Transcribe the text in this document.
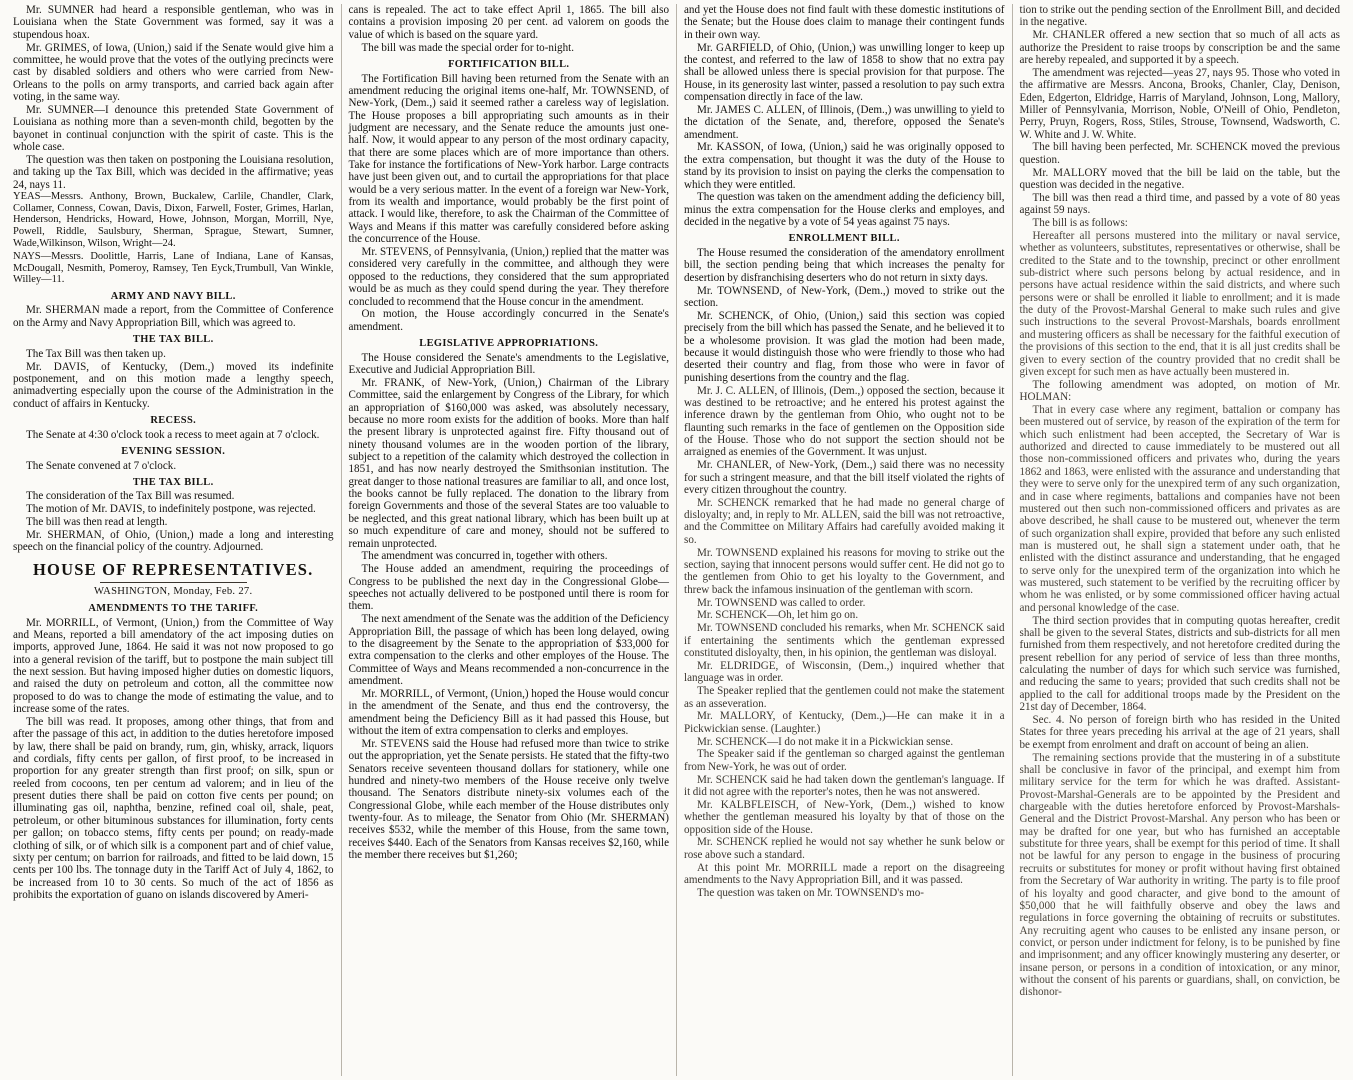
Mr. SUMNER had heard a responsible gentleman, who was in Louisiana when the State Government was formed, say it was a stupendous hoax.

Mr. GRIMES, of Iowa, (Union,) said if the Senate would give him a committee, he would prove that the votes of the outlying precincts were cast by disabled soldiers and others who were carried from New-Orleans to the polls on army transports, and carried back again after voting, in the same way.

Mr. SUMNER—I denounce this pretended State Government of Louisiana as nothing more than a seven-month child, begotten by the bayonet in continual conjunction with the spirit of caste. This is the whole case.

The question was then taken on postponing the Louisiana resolution, and taking up the Tax Bill, which was decided in the affirmative; yeas 24, nays 11.

YEAS—Messrs. Anthony, Brown, Buckalew, Carlile, Chandler, Clark, Collamer, Conness, Cowan, Davis, Dixon, Farwell, Foster, Grimes, Harlan, Henderson, Hendricks, Howard, Howe, Johnson, Morgan, Morrill, Nye, Powell, Riddle, Saulsbury, Sherman, Sprague, Stewart, Sumner, Wade,Wilkinson, Wilson, Wright—24.
NAYS—Messrs. Doolittle, Harris, Lane of Indiana, Lane of Kansas, McDougall, Nesmith, Pomeroy, Ramsey, Ten Eyck,Trumbull, Van Winkle, Willey—11.
ARMY AND NAVY BILL.

Mr. SHERMAN made a report, from the Committee of Conference on the Army and Navy Appropriation Bill, which was agreed to.

THE TAX BILL.

The Tax Bill was then taken up.

Mr. DAVIS, of Kentucky, (Dem.,) moved its indefinite postponement, and on this motion made a lengthy speech, animadverting especially upon the course of the Administration in the conduct of affairs in Kentucky.

RECESS.

The Senate at 4:30 o'clock took a recess to meet again at 7 o'clock.

EVENING SESSION.

The Senate convened at 7 o'clock.

THE TAX BILL.

The consideration of the Tax Bill was resumed.

The motion of Mr. DAVIS, to indefinitely postpone, was rejected.

The bill was then read at length.

Mr. SHERMAN, of Ohio, (Union,) made a long and interesting speech on the financial policy of the country. Adjourned.

HOUSE OF REPRESENTATIVES.
WASHINGTON, Monday, Feb. 27.
AMENDMENTS TO THE TARIFF.

Mr. MORRILL, of Vermont, (Union,) from the Committee of Way and Means, reported a bill amendatory of the act imposing duties on imports, approved June, 1864. He said it was not now proposed to go into a general revision of the tariff, but to postpone the main subject till the next session. But having imposed higher duties on domestic liquors, and raised the duty on petroleum and cotton, all the committee now proposed to do was to change the mode of estimating the value, and to increase some of the rates.

The bill was read. It proposes, among other things, that from and after the passage of this act, in addition to the duties heretofore imposed by law, there shall be paid on brandy, rum, gin, whisky, arrack, liquors and cordials, fifty cents per gallon, of first proof, to be increased in proportion for any greater strength than first proof; on silk, spun or reeled from cocoons, ten per centum ad valorem; and in lieu of the present duties there shall be paid on cotton five cents per pound; on illuminating gas oil, naphtha, benzine, refined coal oil, shale, peat, petroleum, or other bituminous substances for illumination, forty cents per gallon; on tobacco stems, fifty cents per pound; on ready-made clothing of silk, or of which silk is a component part and of chief value, sixty per centum; on barrion for railroads, and fitted to be laid down, 15 cents per 100 lbs. The tonnage duty in the Tariff Act of July 4, 1862, to be increased from 10 to 30 cents. So much of the act of 1856 as prohibits the exportation of guano on islands discovered by Ameri-

cans is repealed. The act to take effect April 1, 1865. The bill also contains a provision imposing 20 per cent. ad valorem on goods the value of which is based on the square yard.

The bill was made the special order for to-night.

FORTIFICATION BILL.

The Fortification Bill having been returned from the Senate with an amendment reducing the original items one-half, Mr. TOWNSEND, of New-York, (Dem.,) said it seemed rather a careless way of legislation. The House proposes a bill appropriating such amounts as in their judgment are necessary, and the Senate reduce the amounts just one-half. Now, it would appear to any person of the most ordinary capacity, that there are some places which are of more importance than others. Take for instance the fortifications of New-York harbor. Large contracts have just been given out, and to curtail the appropriations for that place would be a very serious matter. In the event of a foreign war New-York, from its wealth and importance, would probably be the first point of attack. I would like, therefore, to ask the Chairman of the Committee of Ways and Means if this matter was carefully considered before asking the concurrence of the House.

Mr. STEVENS, of Pennsylvania, (Union,) replied that the matter was considered very carefully in the committee, and although they were opposed to the reductions, they considered that the sum appropriated would be as much as they could spend during the year. They therefore concluded to recommend that the House concur in the amendment.

On motion, the House accordingly concurred in the Senate's amendment.

LEGISLATIVE APPROPRIATIONS.

The House considered the Senate's amendments to the Legislative, Executive and Judicial Appropriation Bill.

Mr. FRANK, of New-York, (Union,) Chairman of the Library Committee, said the enlargement by Congress of the Library, for which an appropriation of $160,000 was asked, was absolutely necessary, because no more room exists for the addition of books. More than half the present library is unprotected against fire. Fifty thousand out of ninety thousand volumes are in the wooden portion of the library, subject to a repetition of the calamity which destroyed the collection in 1851, and has now nearly destroyed the Smithsonian institution. The great danger to those national treasures are familiar to all, and once lost, the books cannot be fully replaced. The donation to the library from foreign Governments and those of the several States are too valuable to be neglected, and this great national library, which has been built up at so much expenditure of care and money, should not be suffered to remain unprotected.

The amendment was concurred in, together with others.

The House added an amendment, requiring the proceedings of Congress to be published the next day in the Congressional Globe—speeches not actually delivered to be postponed until there is room for them.

The next amendment of the Senate was the addition of the Deficiency Appropriation Bill, the passage of which has been long delayed, owing to the disagreement by the Senate to the appropriation of $33,000 for extra compensation to the clerks and other employes of the House. The Committee of Ways and Means recommended a non-concurrence in the amendment.

Mr. MORRILL, of Vermont, (Union,) hoped the House would concur in the amendment of the Senate, and thus end the controversy, the amendment being the Deficiency Bill as it had passed this House, but without the item of extra compensation to clerks and employes.

Mr. STEVENS said the House had refused more than twice to strike out the appropriation, yet the Senate persists. He stated that the fifty-two Senators receive seventeen thousand dollars for stationery, while one hundred and ninety-two members of the House receive only twelve thousand. The Senators distribute ninety-six volumes each of the Congressional Globe, while each member of the House distributes only twenty-four. As to mileage, the Senator from Ohio (Mr. SHERMAN) receives $532, while the member of this House, from the same town, receives $440. Each of the Senators from Kansas receives $2,160, while the member there receives but $1,260;

and yet the House does not find fault with these domestic institutions of the Senate; but the House does claim to manage their contingent funds in their own way.

Mr. GARFIELD, of Ohio, (Union,) was unwilling longer to keep up the contest, and referred to the law of 1858 to show that no extra pay shall be allowed unless there is special provision for that purpose. The House, in its generosity last winter, passed a resolution to pay such extra compensation directly in face of the law.

Mr. JAMES C. ALLEN, of Illinois, (Dem.,) was unwilling to yield to the dictation of the Senate, and, therefore, opposed the Senate's amendment.

Mr. KASSON, of Iowa, (Union,) said he was originally opposed to the extra compensation, but thought it was the duty of the House to stand by its provision to insist on paying the clerks the compensation to which they were entitled.

The question was taken on the amendment adding the deficiency bill, minus the extra compensation for the House clerks and employes, and decided in the negative by a vote of 54 yeas against 75 nays.

ENROLLMENT BILL.

The House resumed the consideration of the amendatory enrollment bill, the section pending being that which increases the penalty for desertion by disfranchising deserters who do not return in sixty days.

Mr. TOWNSEND, of New-York, (Dem.,) moved to strike out the section.

Mr. SCHENCK, of Ohio, (Union,) said this section was copied precisely from the bill which has passed the Senate, and he believed it to be a wholesome provision. It was glad the motion had been made, because it would distinguish those who were friendly to those who had deserted their country and flag, from those who were in favor of punishing desertions from the country and the flag.

Mr. J. C. ALLEN, of Illinois, (Dem.,) opposed the section, because it was destined to be retroactive; and he entered his protest against the inference drawn by the gentleman from Ohio, who ought not to be flaunting such remarks in the face of gentlemen on the Opposition side of the House. Those who do not support the section should not be arraigned as enemies of the Government. It was unjust.

Mr. CHANLER, of New-York, (Dem.,) said there was no necessity for such a stringent measure, and that the bill itself violated the rights of every citizen throughout the country.

Mr. SCHENCK remarked that he had made no general charge of disloyalty; and, in reply to Mr. ALLEN, said the bill was not retroactive, and the Committee on Military Affairs had carefully avoided making it so.

Mr. TOWNSEND explained his reasons for moving to strike out the section, saying that innocent persons would suffer cent. He did not go to the gentlemen from Ohio to get his loyalty to the Government, and threw back the infamous insinuation of the gentleman with scorn.

Mr. TOWNSEND was called to order.

Mr. SCHENCK—Oh, let him go on.

Mr. TOWNSEND concluded his remarks, when Mr. SCHENCK said if entertaining the sentiments which the gentleman expressed constituted disloyalty, then, in his opinion, the gentleman was disloyal.

Mr. ELDRIDGE, of Wisconsin, (Dem.,) inquired whether that language was in order.

The Speaker replied that the gentlemen could not make the statement as an asseveration.

Mr. MALLORY, of Kentucky, (Dem.,)—He can make it in a Pickwickian sense. (Laughter.)

Mr. SCHENCK—I do not make it in a Pickwickian sense.

The Speaker said if the gentleman so charged against the gentleman from New-York, he was out of order.

Mr. SCHENCK said he had taken down the gentleman's language. If it did not agree with the reporter's notes, then he was not answered.

Mr. KALBFLEISCH, of New-York, (Dem.,) wished to know whether the gentleman measured his loyalty by that of those on the opposition side of the House.

Mr. SCHENCK replied he would not say whether he sunk below or rose above such a standard.

At this point Mr. MORRILL made a report on the disagreeing amendments to the Navy Appropriation Bill, and it was passed.

The question was taken on Mr. TOWNSEND's mo-

tion to strike out the pending section of the Enrollment Bill, and decided in the negative.

Mr. CHANLER offered a new section that so much of all acts as authorize the President to raise troops by conscription be and the same are hereby repealed, and supported it by a speech.

The amendment was rejected—yeas 27, nays 95. Those who voted in the affirmative are Messrs. Ancona, Brooks, Chanler, Clay, Denison, Eden, Edgerton, Eldridge, Harris of Maryland, Johnson, Long, Mallory, Miller of Pennsylvania, Morrison, Noble, O'Neill of Ohio, Pendleton, Perry, Pruyn, Rogers, Ross, Stiles, Strouse, Townsend, Wadsworth, C. W. White and J. W. White.

The bill having been perfected, Mr. SCHENCK moved the previous question.

Mr. MALLORY moved that the bill be laid on the table, but the question was decided in the negative.

The bill was then read a third time, and passed by a vote of 80 yeas against 59 nays.

The bill is as follows:

Hereafter all persons mustered into the military or naval service, whether as volunteers, substitutes, representatives or otherwise, shall be credited to the State and to the township, precinct or other enrollment sub-district where such persons belong by actual residence, and in persons have actual residence within the said districts, and where such persons were or shall be enrolled it liable to enrollment; and it is made the duty of the Provost-Marshal General to make such rules and give such instructions to the several Provost-Marshals, boards enrollment and mustering officers as shall be necessary for the faithful execution of the provisions of this section to the end, that it is all just credits shall be given to every section of the country provided that no credit shall be given except for such men as have actually been mustered in.

The following amendment was adopted, on motion of Mr. HOLMAN:

That in every case where any regiment, battalion or company has been mustered out of service, by reason of the expiration of the term for which such enlistment had been accepted, the Secretary of War is authorized and directed to cause immediately to be mustered out all those non-commissioned officers and privates who, during the years 1862 and 1863, were enlisted with the assurance and understanding that they were to serve only for the unexpired term of any such organization, and in case where regiments, battalions and companies have not been mustered out then such non-commissioned officers and privates as are above described, he shall cause to be mustered out, whenever the term of such organization shall expire, provided that before any such enlisted man is mustered out, he shall sign a statement under oath, that he enlisted with the distinct assurance and understanding, that he engaged to serve only for the unexpired term of the organization into which he was mustered, such statement to be verified by the recruiting officer by whom he was enlisted, or by some commissioned officer having actual and personal knowledge of the case.

The third section provides that in computing quotas hereafter, credit shall be given to the several States, districts and sub-districts for all men furnished from them respectively, and not heretofore credited during the present rebellion for any period of service of less than three months, calculating the number of days for which such service was furnished, and reducing the same to years; provided that such credits shall not be applied to the call for additional troops made by the President on the 21st day of December, 1864.

Sec. 4. No person of foreign birth who has resided in the United States for three years preceding his arrival at the age of 21 years, shall be exempt from enrolment and draft on account of being an alien.

The remaining sections provide that the mustering in of a substitute shall be conclusive in favor of the principal, and exempt him from military service for the term for which he was drafted. Assistant-Provost-Marshal-Generals are to be appointed by the President and chargeable with the duties heretofore enforced by Provost-Marshals-General and the District Provost-Marshal. Any person who has been or may be drafted for one year, but who has furnished an acceptable substitute for three years, shall be exempt for this period of time. It shall not be lawful for any person to engage in the business of procuring recruits or substitutes for money or profit without having first obtained from the Secretary of War authority in writing. The party is to file proof of his loyalty and good character, and give bond to the amount of $50,000 that he will faithfully observe and obey the laws and regulations in force governing the obtaining of recruits or substitutes. Any recruiting agent who causes to be enlisted any insane person, or convict, or person under indictment for felony, is to be punished by fine and imprisonment; and any officer knowingly mustering any deserter, or insane person, or persons in a condition of intoxication, or any minor, without the consent of his parents or guardians, shall, on conviction, be dishonor-
